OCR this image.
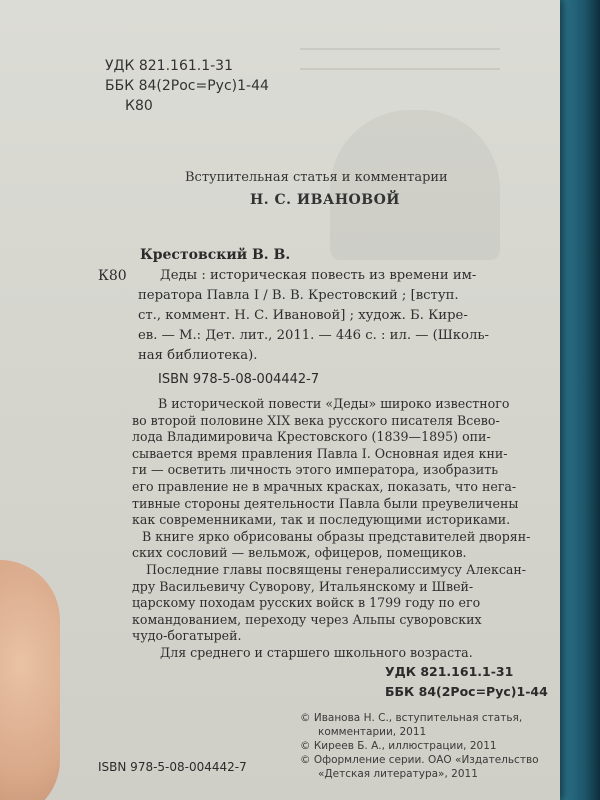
УДК 821.161.1-31
ББК 84(2Рос=Рус)1-44
К80
Вступительная статья и комментарии
Н. С. ИВАНОВОЙ
Крестовский В. В.
К80	Деды : историческая повесть из времени им-
ператора Павла I / В. В. Крестовский ; [вступ.
ст., коммент. Н. С. Ивановой] ; худож. Б. Кире-
ев. — М.: Дет. лит., 2011. — 446 с. : ил. — (Школь-
ная библиотека).
ISBN 978-5-08-004442-7
В исторической повести «Деды» широко известного
во второй половине XIX века русского писателя Всево-
лода Владимировича Крестовского (1839—1895) опи-
сывается время правления Павла I. Основная идея кни-
ги — осветить личность этого императора, изобразить
его правление не в мрачных красках, показать, что нега-
тивные стороны деятельности Павла были преувеличены
как современниками, так и последующими историками.
В книге ярко обрисованы образы представителей дворян-
ских сословий — вельмож, офицеров, помещиков.
Последние главы посвящены генералиссимусу Алексан-
дру Васильевичу Суворову, Итальянскому и Швей-
царскому походам русских войск в 1799 году по его
командованием, переходу через Альпы суворовских
чудо-богатырей.
Для среднего и старшего школьного возраста.
УДК 821.161.1-31
ББК 84(2Рос=Рус)1-44
ISBN 978-5-08-004442-7
© Иванова Н. С., вступительная статья,
комментарии, 2011
© Киреев Б. А., иллюстрации, 2011
© Оформление серии. ОАО «Издательство
«Детская литература», 2011
